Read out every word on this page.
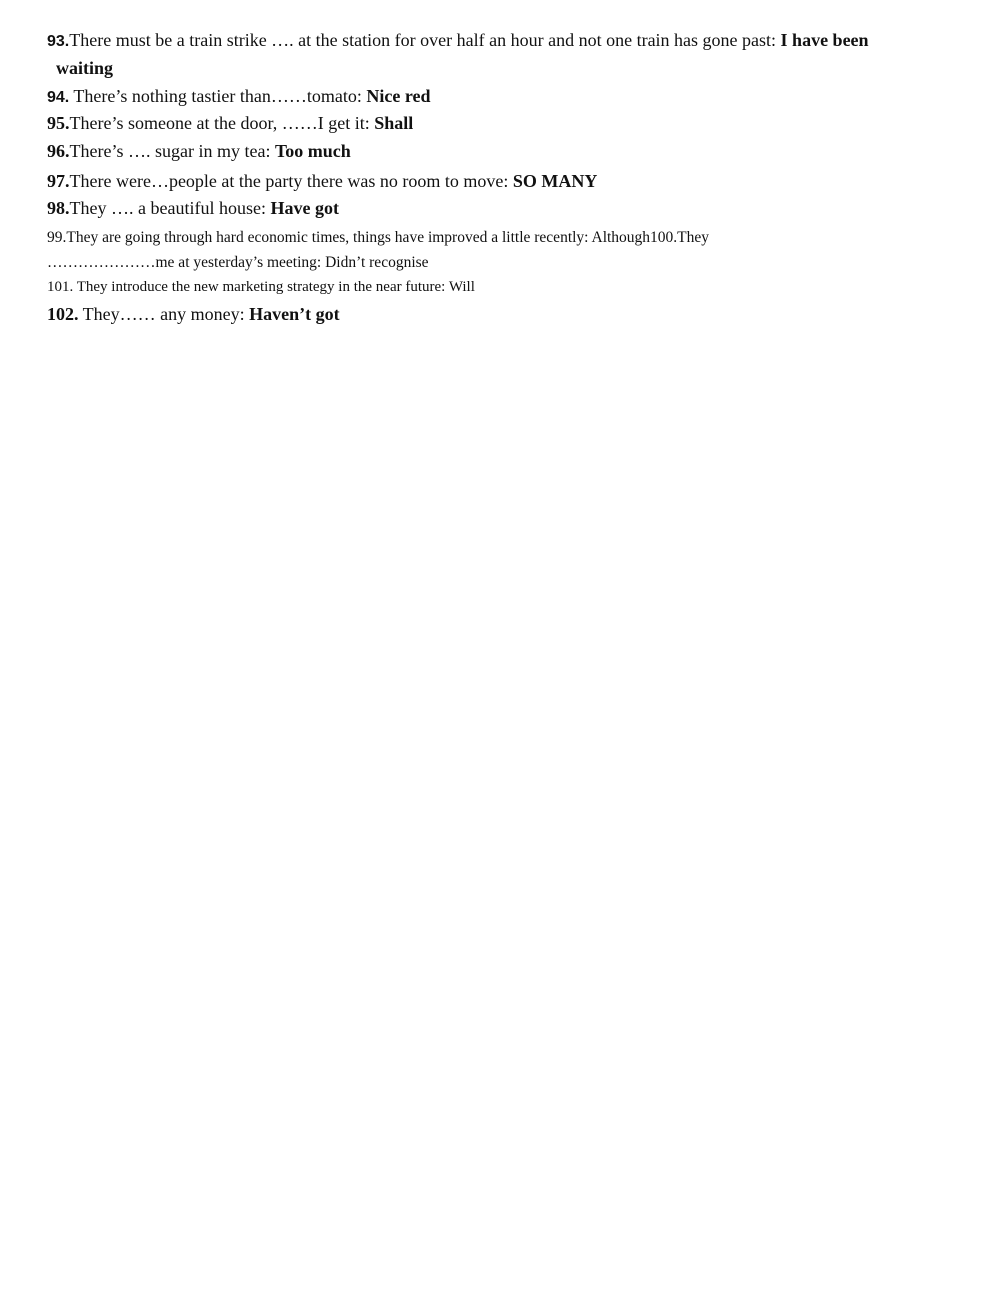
93.There must be a train strike …. at the station for over half an hour and not one train has gone past: I have been
waiting
94. There’s nothing tastier than……tomato: Nice red
95.There’s someone at the door, ……I get it: Shall
96.There’s …. sugar in my tea: Too much
97.There were…people at the party there was no room to move: SO MANY
98.They …. a beautiful house: Have got
99.They are going through hard economic times, things have improved a little recently: Although100.They
…………………me at yesterday’s meeting: Didn’t recognise
101. They introduce the new marketing strategy in the near future: Will
102. They…… any money: Haven’t got
